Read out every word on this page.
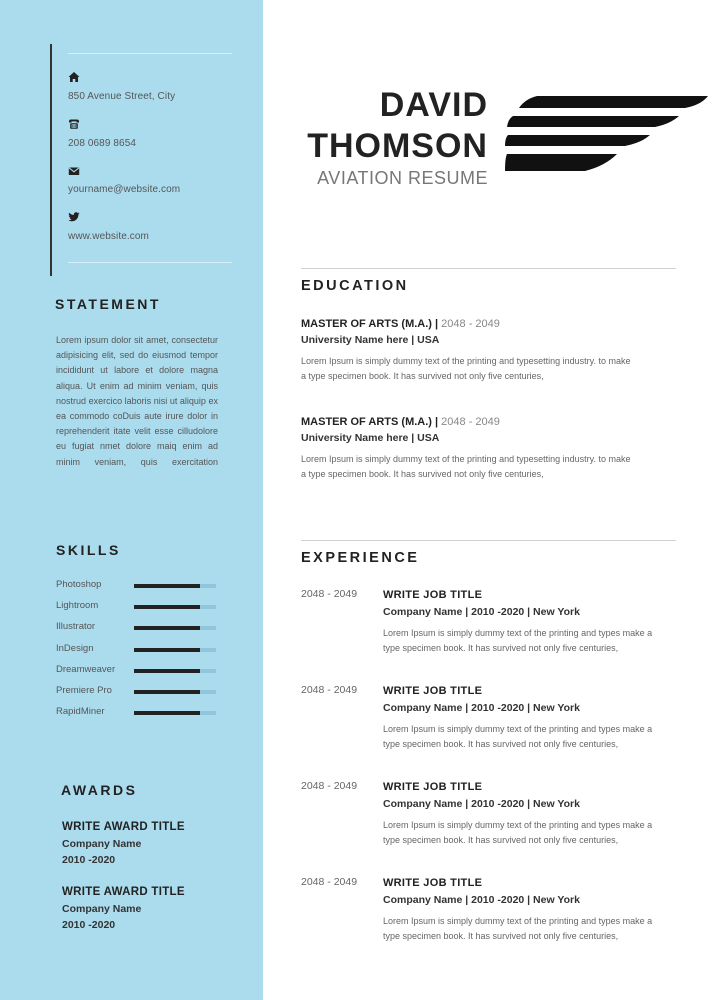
850 Avenue Street, City
208 0689 8654
yourname@website.com
www.website.com
STATEMENT
Lorem ipsum dolor sit amet, consectetur adipisicing elit, sed do eiusmod tempor incididunt ut labore et dolore magna aliqua. Ut enim ad minim veniam, quis nostrud exercico laboris nisi ut aliquip ex ea commodo coDuis aute irure dolor in reprehenderit itate velit esse cilludolore eu fugiat nmet dolore maiq enim ad minim veniam, quis exercitation
SKILLS
Photoshop
Lightroom
Illustrator
InDesign
Dreamweaver
Premiere Pro
RapidMiner
AWARDS
WRITE AWARD TITLE
Company Name
2010 -2020
WRITE AWARD TITLE
Company Name
2010 -2020
DAVID
THOMSON
AVIATION RESUME
EDUCATION
MASTER OF ARTS (M.A.) | 2048 - 2049
University Name here | USA
Lorem Ipsum is simply dummy text of the printing and typesetting industry. to make
a type specimen book. It has survived not only five centuries,
MASTER OF ARTS (M.A.) | 2048 - 2049
University Name here | USA
Lorem Ipsum is simply dummy text of the printing and typesetting industry. to make
a type specimen book. It has survived not only five centuries,
EXPERIENCE
2048 - 2049 WRITE JOB TITLE
Company Name | 2010 -2020 | New York
Lorem Ipsum is simply dummy text of the printing and types make a
type specimen book. It has survived not only five centuries,
2048 - 2049 WRITE JOB TITLE
Company Name | 2010 -2020 | New York
Lorem Ipsum is simply dummy text of the printing and types make a
type specimen book. It has survived not only five centuries,
2048 - 2049 WRITE JOB TITLE
Company Name | 2010 -2020 | New York
Lorem Ipsum is simply dummy text of the printing and types make a
type specimen book. It has survived not only five centuries,
2048 - 2049 WRITE JOB TITLE
Company Name | 2010 -2020 | New York
Lorem Ipsum is simply dummy text of the printing and types make a
type specimen book. It has survived not only five centuries,
